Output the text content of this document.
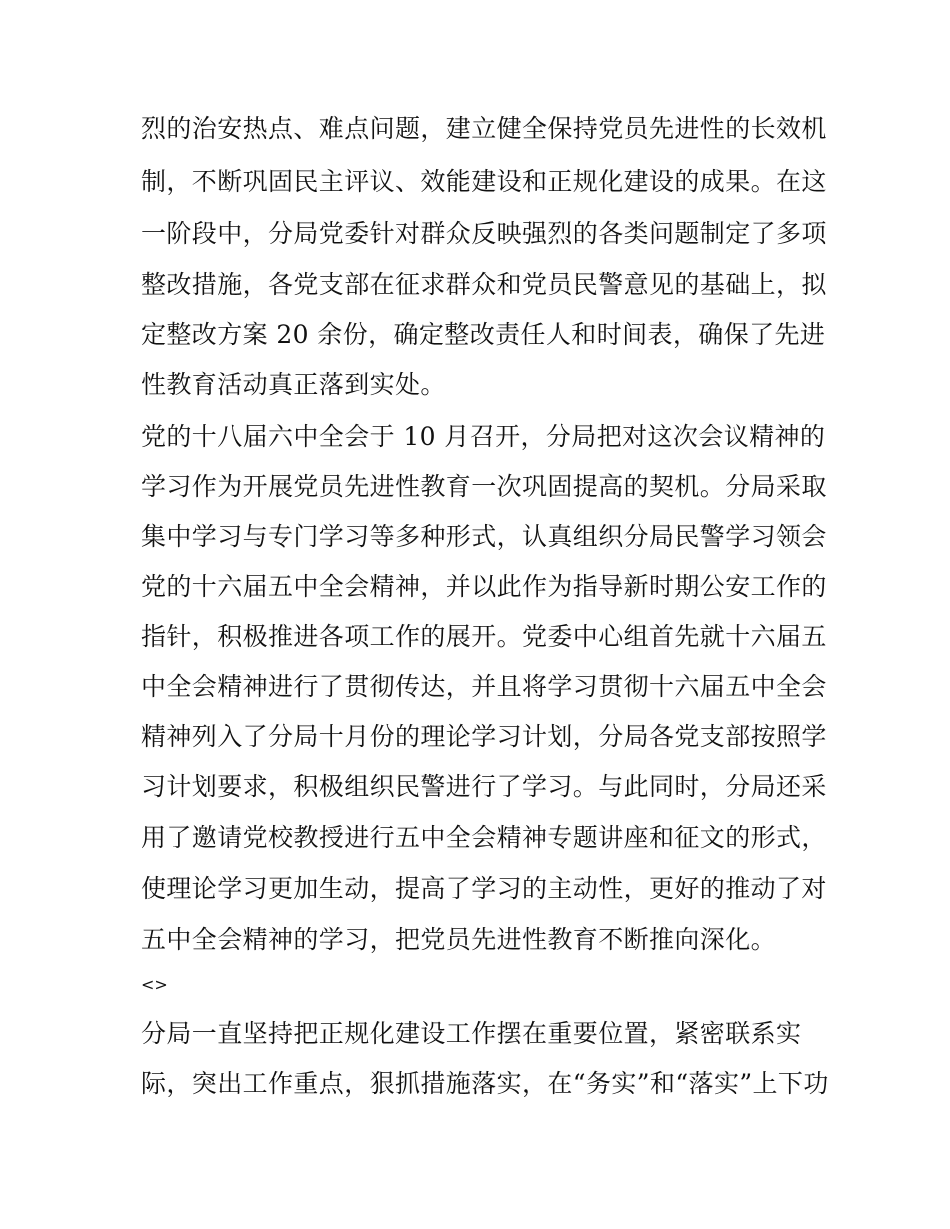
烈的治安热点、难点问题，建立健全保持党员先进性的长效机
制，不断巩固民主评议、效能建设和正规化建设的成果。在这
一阶段中，分局党委针对群众反映强烈的各类问题制定了多项
整改措施，各党支部在征求群众和党员民警意见的基础上，拟
定整改方案 20 余份，确定整改责任人和时间表，确保了先进
性教育活动真正落到实处。
党的十八届六中全会于 10 月召开，分局把对这次会议精神的
学习作为开展党员先进性教育一次巩固提高的契机。分局采取
集中学习与专门学习等多种形式，认真组织分局民警学习领会
党的十六届五中全会精神，并以此作为指导新时期公安工作的
指针，积极推进各项工作的展开。党委中心组首先就十六届五
中全会精神进行了贯彻传达，并且将学习贯彻十六届五中全会
精神列入了分局十月份的理论学习计划，分局各党支部按照学
习计划要求，积极组织民警进行了学习。与此同时，分局还采
用了邀请党校教授进行五中全会精神专题讲座和征文的形式，
使理论学习更加生动，提高了学习的主动性，更好的推动了对
五中全会精神的学习，把党员先进性教育不断推向深化。
<>
分局一直坚持把正规化建设工作摆在重要位置，紧密联系实
际，突出工作重点，狠抓措施落实，在“务实”和“落实”上下功
